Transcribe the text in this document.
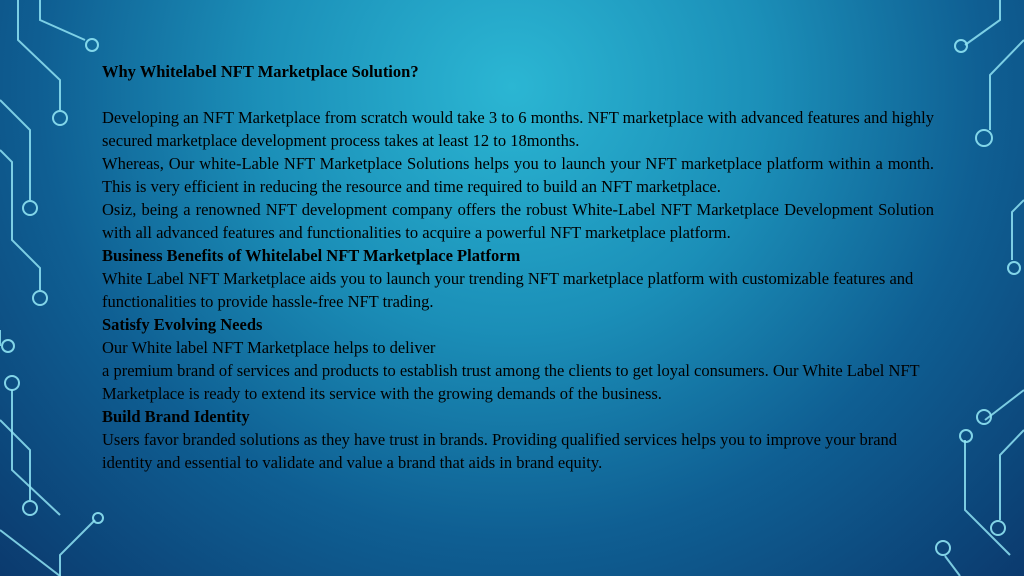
Why Whitelabel NFT Marketplace Solution?

Developing an NFT Marketplace from scratch would take 3 to 6 months. NFT marketplace with advanced features and highly secured marketplace development process takes at least 12 to 18months.

Whereas, Our white-Lable NFT Marketplace Solutions helps you to launch your NFT marketplace platform within a month. This is very efficient in reducing the resource and time required to build an NFT marketplace.

Osiz, being a renowned NFT development company offers the robust White-Label NFT Marketplace Development Solution with all advanced features and functionalities to acquire a powerful NFT marketplace platform.

Business Benefits of Whitelabel NFT Marketplace Platform

White Label NFT Marketplace aids you to launch your trending NFT marketplace platform with customizable features and functionalities to provide hassle-free NFT trading.

Satisfy Evolving Needs

Our White label NFT Marketplace helps to deliver

a premium brand of services and products to establish trust among the clients to get loyal consumers. Our White Label NFT Marketplace is ready to extend its service with the growing demands of the business.

Build Brand Identity

Users favor branded solutions as they have trust in brands. Providing qualified services helps you to improve your brand identity and essential to validate and value a brand that aids in brand equity.
